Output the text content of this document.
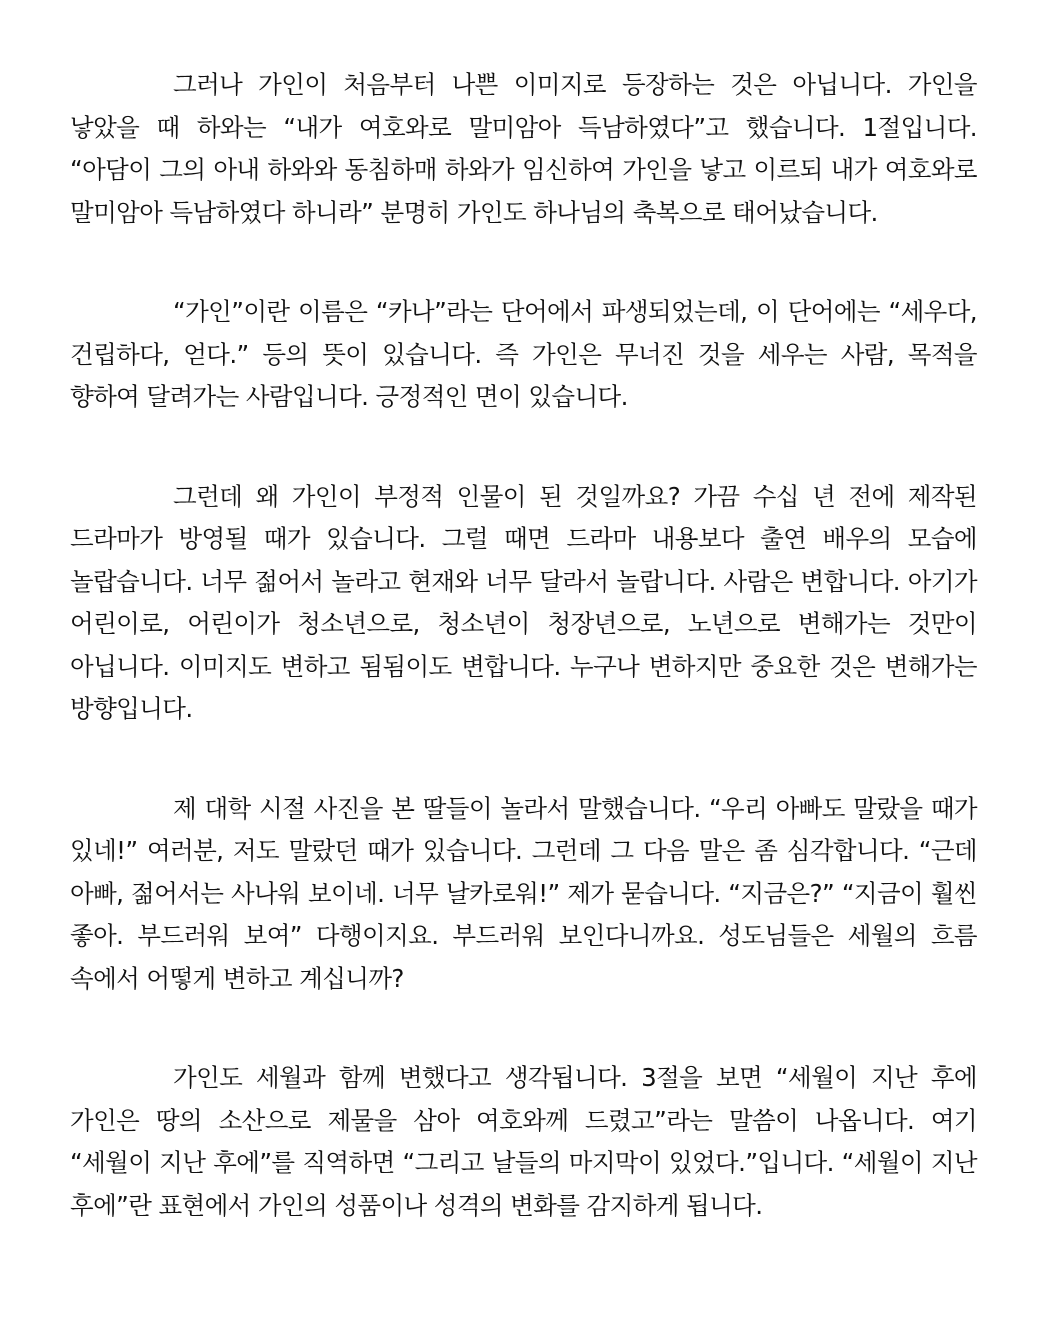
그러나 가인이 처음부터 나쁜 이미지로 등장하는 것은 아닙니다. 가인을 낳았을 때 하와는 “내가 여호와로 말미암아 득남하였다”고 했습니다. 1절입니다. “아담이 그의 아내 하와와 동침하매 하와가 임신하여 가인을 낳고 이르되 내가 여호와로 말미암아 득남하였다 하니라” 분명히 가인도 하나님의 축복으로 태어났습니다.

“가인”이란 이름은 “카나”라는 단어에서 파생되었는데, 이 단어에는 “세우다, 건립하다, 얻다.” 등의 뜻이 있습니다. 즉 가인은 무너진 것을 세우는 사람, 목적을 향하여 달려가는 사람입니다. 긍정적인 면이 있습니다.

그런데 왜 가인이 부정적 인물이 된 것일까요? 가끔 수십 년 전에 제작된 드라마가 방영될 때가 있습니다. 그럴 때면 드라마 내용보다 출연 배우의 모습에 놀랍습니다. 너무 젊어서 놀라고 현재와 너무 달라서 놀랍니다. 사람은 변합니다. 아기가 어린이로, 어린이가 청소년으로, 청소년이 청장년으로, 노년으로 변해가는 것만이 아닙니다. 이미지도 변하고 됨됨이도 변합니다. 누구나 변하지만 중요한 것은 변해가는 방향입니다.

제 대학 시절 사진을 본 딸들이 놀라서 말했습니다. “우리 아빠도 말랐을 때가 있네!” 여러분, 저도 말랐던 때가 있습니다. 그런데 그 다음 말은 좀 심각합니다. “근데 아빠, 젊어서는 사나워 보이네. 너무 날카로워!” 제가 묻습니다. “지금은?” “지금이 훨씬 좋아. 부드러워 보여” 다행이지요. 부드러워 보인다니까요. 성도님들은 세월의 흐름 속에서 어떻게 변하고 계십니까?

가인도 세월과 함께 변했다고 생각됩니다. 3절을 보면 “세월이 지난 후에 가인은 땅의 소산으로 제물을 삼아 여호와께 드렸고”라는 말씀이 나옵니다. 여기 “세월이 지난 후에”를 직역하면 “그리고 날들의 마지막이 있었다.”입니다. “세월이 지난 후에”란 표현에서 가인의 성품이나 성격의 변화를 감지하게 됩니다.
